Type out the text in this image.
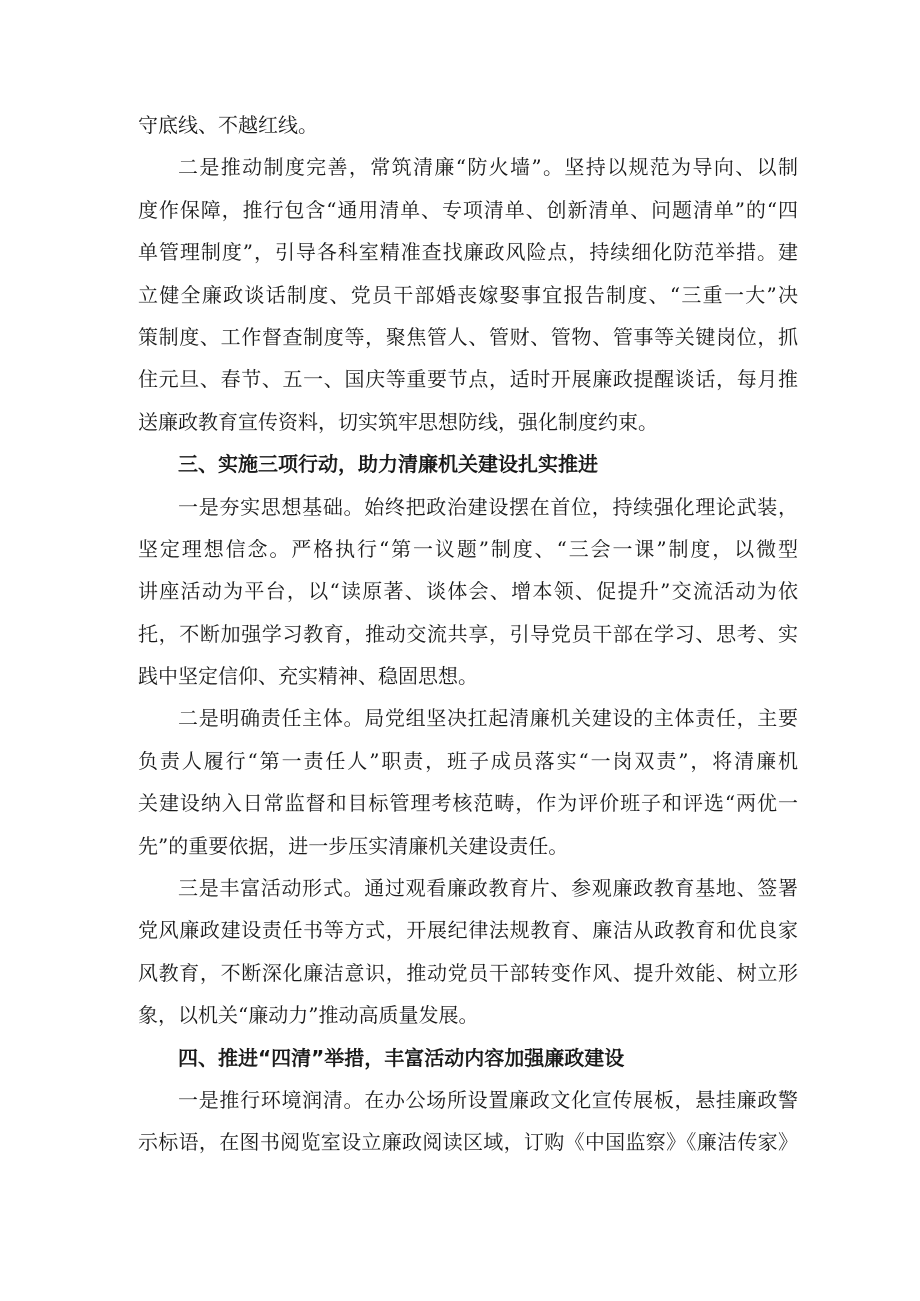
守底线、不越红线。
二是推动制度完善，常筑清廉“防火墙”。坚持以规范为导向、以制
度作保障，推行包含“通用清单、专项清单、创新清单、问题清单”的“四
单管理制度”，引导各科室精准查找廉政风险点，持续细化防范举措。建
立健全廉政谈话制度、党员干部婚丧嫁娶事宜报告制度、“三重一大”决
策制度、工作督查制度等，聚焦管人、管财、管物、管事等关键岗位，抓
住元旦、春节、五一、国庆等重要节点，适时开展廉政提醒谈话，每月推
送廉政教育宣传资料，切实筑牢思想防线，强化制度约束。
三、实施三项行动，助力清廉机关建设扎实推进
一是夯实思想基础。始终把政治建设摆在首位，持续强化理论武装，
坚定理想信念。严格执行“第一议题”制度、“三会一课”制度，以微型
讲座活动为平台，以“读原著、谈体会、增本领、促提升”交流活动为依
托，不断加强学习教育，推动交流共享，引导党员干部在学习、思考、实
践中坚定信仰、充实精神、稳固思想。
二是明确责任主体。局党组坚决扛起清廉机关建设的主体责任，主要
负责人履行“第一责任人”职责，班子成员落实“一岗双责”，将清廉机
关建设纳入日常监督和目标管理考核范畴，作为评价班子和评选“两优一
先”的重要依据，进一步压实清廉机关建设责任。
三是丰富活动形式。通过观看廉政教育片、参观廉政教育基地、签署
党风廉政建设责任书等方式，开展纪律法规教育、廉洁从政教育和优良家
风教育，不断深化廉洁意识，推动党员干部转变作风、提升效能、树立形
象，以机关“廉动力”推动高质量发展。
四、推进“四清”举措，丰富活动内容加强廉政建设
一是推行环境润清。在办公场所设置廉政文化宣传展板，悬挂廉政警
示标语，在图书阅览室设立廉政阅读区域，订购《中国监察》《廉洁传家》
